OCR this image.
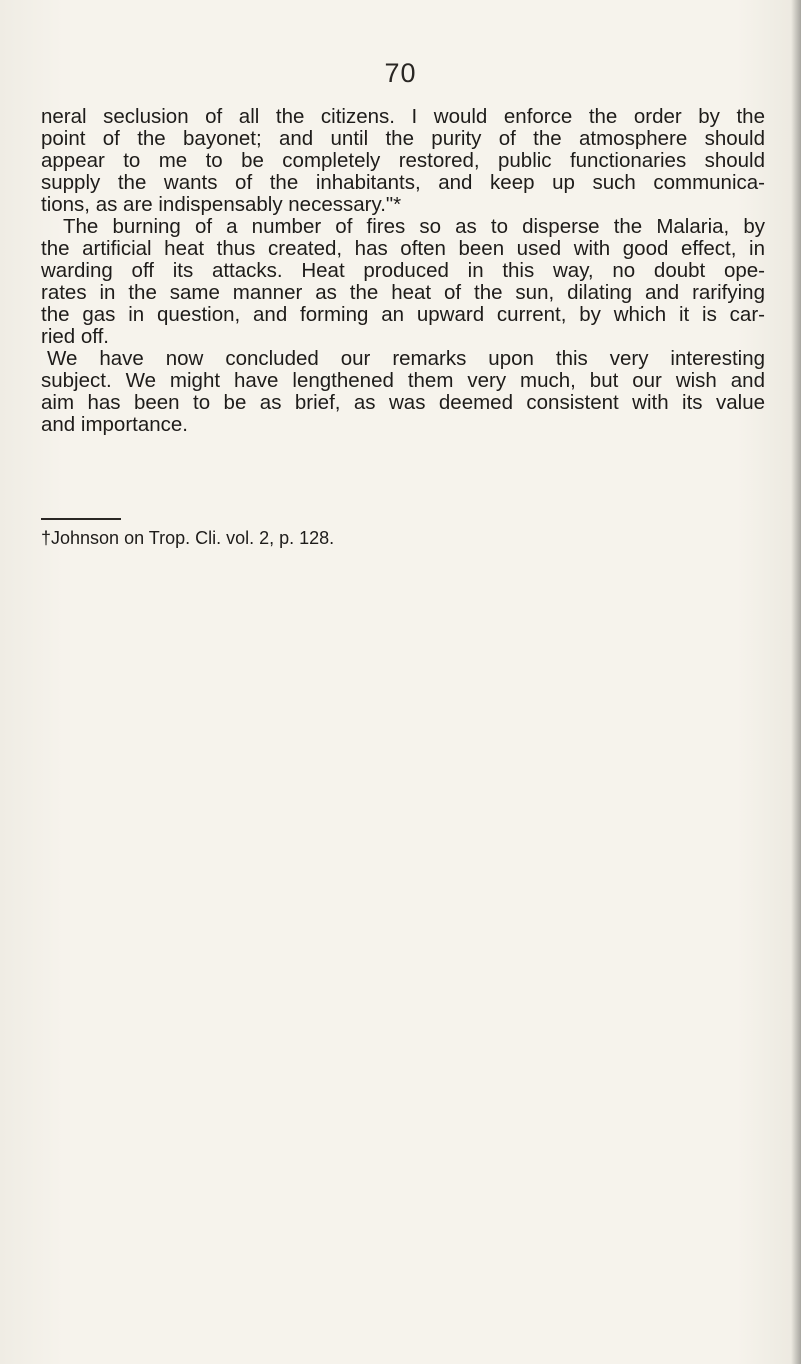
70
neral seclusion of all the citizens. I would enforce the order by the
point of the bayonet; and until the purity of the atmosphere should
appear to me to be completely restored, public functionaries should
supply the wants of the inhabitants, and keep up such communica-
tions, as are indispensably necessary."*
The burning of a number of fires so as to disperse the Malaria, by
the artificial heat thus created, has often been used with good effect, in
warding off its attacks. Heat produced in this way, no doubt ope-
rates in the same manner as the heat of the sun, dilating and rarifying
the gas in question, and forming an upward current, by which it is car-
ried off.
We have now concluded our remarks upon this very interesting
subject. We might have lengthened them very much, but our wish and
aim has been to be as brief, as was deemed consistent with its value
and importance.
†Johnson on Trop. Cli. vol. 2, p. 128.
